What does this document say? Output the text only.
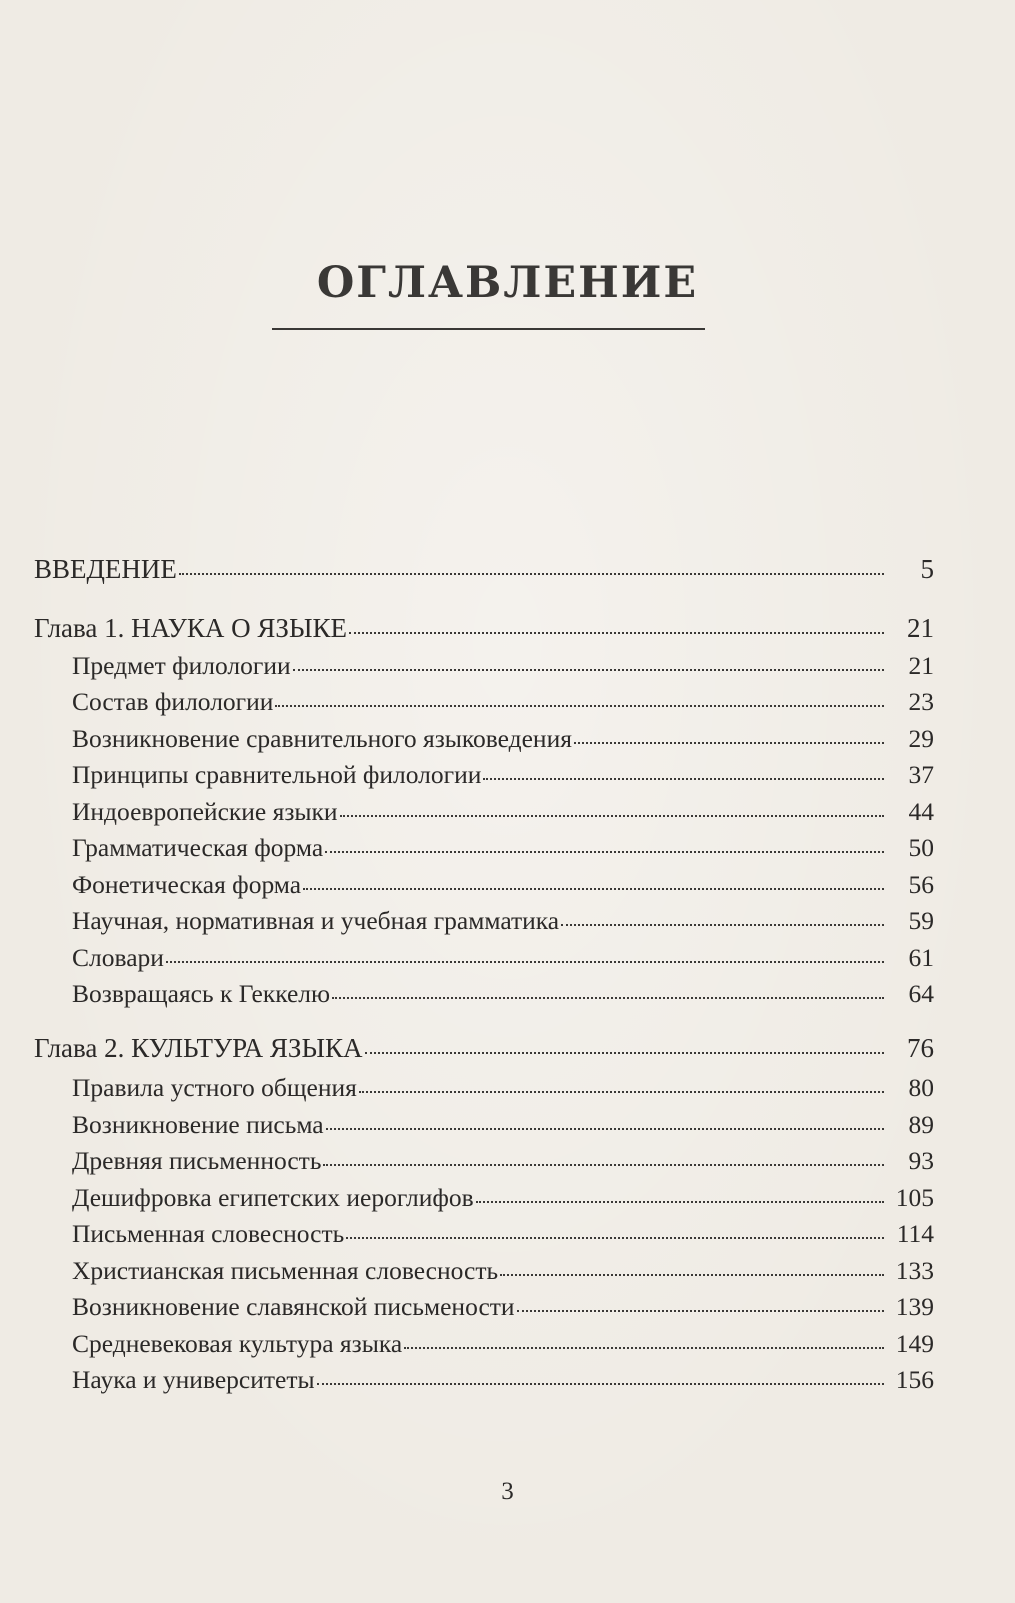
ОГЛАВЛЕНИЕ
ВВЕДЕНИЕ	5
Глава 1. НАУКА О ЯЗЫКЕ	21
Предмет филологии	21
Состав филологии	23
Возникновение сравнительного языковедения	29
Принципы сравнительной филологии	37
Индоевропейские языки	44
Грамматическая форма	50
Фонетическая форма	56
Научная, нормативная и учебная грамматика	59
Словари	61
Возвращаясь к Геккелю	64
Глава 2. КУЛЬТУРА ЯЗЫКА	76
Правила устного общения	80
Возникновение письма	89
Древняя письменность	93
Дешифровка египетских иероглифов	105
Письменная словесность	114
Христианская письменная словесность	133
Возникновение славянской письмености	139
Средневековая культура языка	149
Наука и университеты	156
3
